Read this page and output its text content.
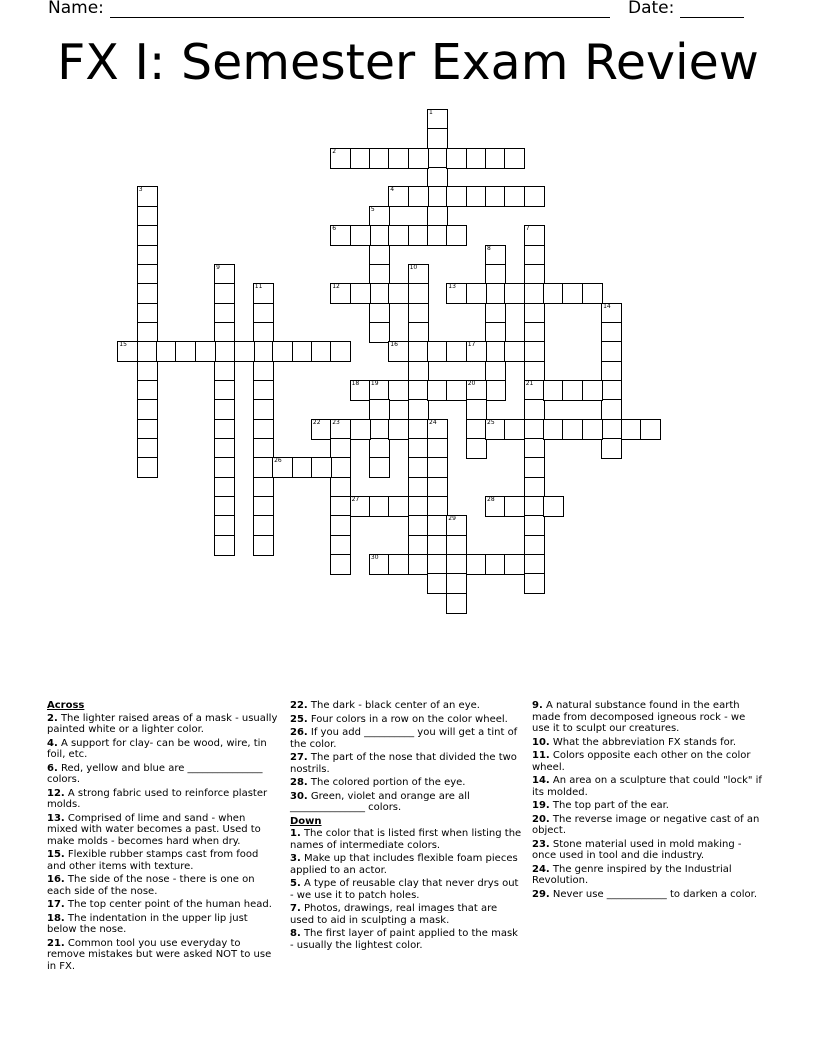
Name:	Date:
FX I: Semester Exam Review
1
2
3	4
5
6	7
21
8
9	10
11	12	13
14
15	16	17
18 19	20
22 23	24	25
26
27	28
29
30
Across
2. The lighter raised areas of a mask - usually painted white or a lighter color.
4. A support for clay- can be wood, wire, tin foil, etc.
6. Red, yellow and blue are _______________ colors.
12. A strong fabric used to reinforce plaster molds.
13. Comprised of lime and sand - when mixed with water becomes a past. Used to make molds - becomes hard when dry.
15. Flexible rubber stamps cast from food and other items with texture.
16. The side of the nose - there is one on each side of the nose.
17. The top center point of the human head.
18. The indentation in the upper lip just below the nose.
21. Common tool you use everyday to remove mistakes but were asked NOT to use in FX.
22. The dark - black center of an eye.
25. Four colors in a row on the color wheel.
26. If you add __________ you will get a tint of the color.
27. The part of the nose that divided the two nostrils.
28. The colored portion of the eye.
30. Green, violet and orange are all _______________ colors.
Down
1. The color that is listed first when listing the names of intermediate colors.
3. Make up that includes flexible foam pieces applied to an actor.
5. A type of reusable clay that never drys out - we use it to patch holes.
7. Photos, drawings, real images that are used to aid in sculpting a mask.
8. The first layer of paint applied to the mask - usually the lightest color.
9. A natural substance found in the earth made from decomposed igneous rock - we use it to sculpt our creatures.
10. What the abbreviation FX stands for.
11. Colors opposite each other on the color wheel.
14. An area on a sculpture that could "lock" if its molded.
19. The top part of the ear.
20. The reverse image or negative cast of an object.
23. Stone material used in mold making - once used in tool and die industry.
24. The genre inspired by the Industrial Revolution.
29. Never use ____________ to darken a color.
